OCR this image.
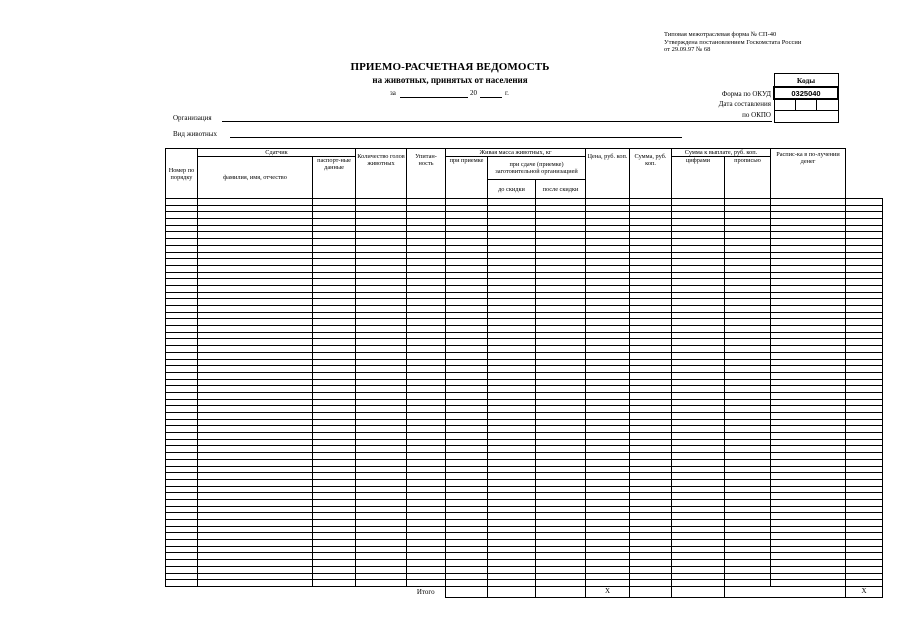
Типовая межотраслевая форма № СП-40
Утверждена постановлением Госкомстата России
от 29.09.97 № 68
ПРИЕМО-РАСЧЕТНАЯ ВЕДОМОСТЬ
на животных, принятых от населения
за	20	г.	Форма по ОКУД
Дата составления
по ОКПО
Коды
0325040

Организация
Вид животных
Номер по порядку	Сдатчик		Количество голов животных	Упитан-ность	Живая масса животных, кг			Цена, руб. коп.	Сумма, руб. коп.	Сумма к выплате, руб. коп.		Распис-ка в по-лучении денег	
	фамилия, имя, отчество	паспорт-ные данные			при приемке	при сдаче (приемке) заготовительной организацией				цифрами	прописью		
						до скидки	после скидки						

				Итого				Х					Х
